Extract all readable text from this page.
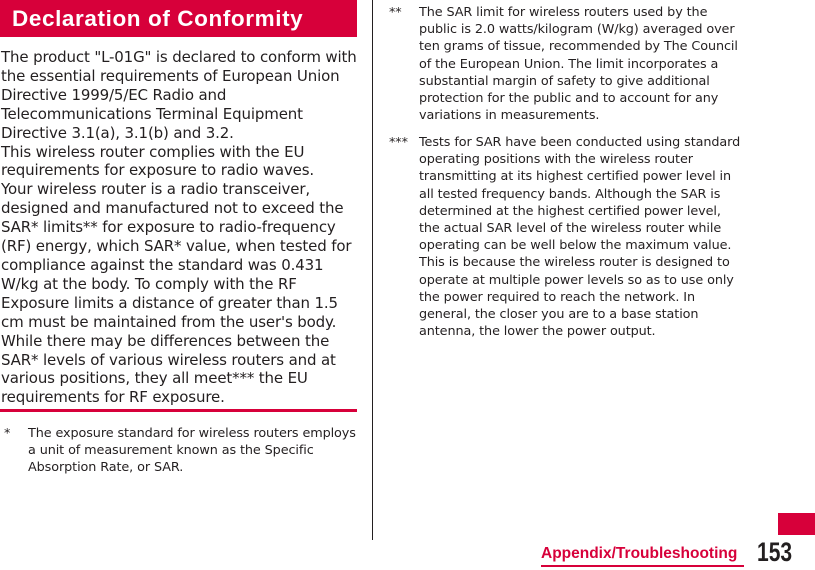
Declaration of Conformity

The product "L-01G" is declared to conform with the essential requirements of European Union Directive 1999/5/EC Radio and Telecommunications Terminal Equipment Directive 3.1(a), 3.1(b) and 3.2.

This wireless router complies with the EU requirements for exposure to radio waves.

Your wireless router is a radio transceiver, designed and manufactured not to exceed the SAR* limits** for exposure to radio-frequency (RF) energy, which SAR* value, when tested for compliance against the standard was 0.431 W/kg at the body. To comply with the RF Exposure limits a distance of greater than 1.5 cm must be maintained from the user's body.

While there may be differences between the SAR* levels of various wireless routers and at various positions, they all meet*** the EU requirements for RF exposure.

* The exposure standard for wireless routers employs a unit of measurement known as the Specific Absorption Rate, or SAR.

** The SAR limit for wireless routers used by the public is 2.0 watts/kilogram (W/kg) averaged over ten grams of tissue, recommended by The Council of the European Union. The limit incorporates a substantial margin of safety to give additional protection for the public and to account for any variations in measurements.

*** Tests for SAR have been conducted using standard operating positions with the wireless router transmitting at its highest certified power level in all tested frequency bands. Although the SAR is determined at the highest certified power level, the actual SAR level of the wireless router while operating can be well below the maximum value.

This is because the wireless router is designed to operate at multiple power levels so as to use only the power required to reach the network. In general, the closer you are to a base station antenna, the lower the power output.

Appendix/Troubleshooting 153
